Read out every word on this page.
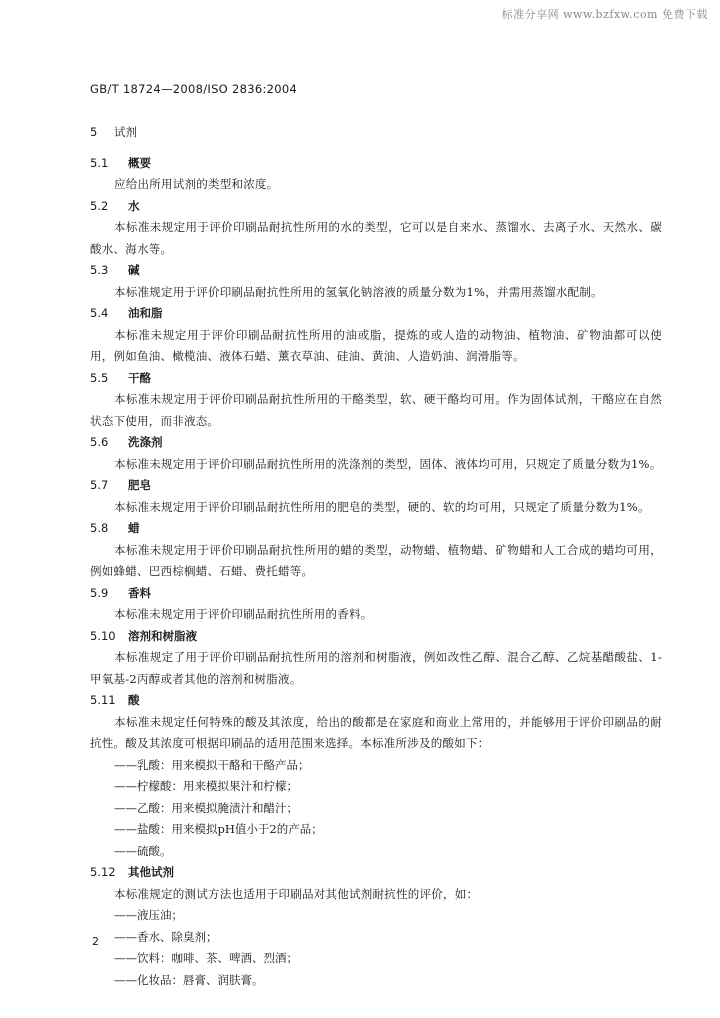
标准分享网 www.bzfxw.com 免费下载
GB/T 18724—2008/ISO 2836:2004
5 试剂
5.1 概要
应给出所用试剂的类型和浓度。
5.2 水
本标准未规定用于评价印刷品耐抗性所用的水的类型，它可以是自来水、蒸馏水、去离子水、天然水、碳酸水、海水等。
5.3 碱
本标准规定用于评价印刷品耐抗性所用的氢氧化钠溶液的质量分数为1%，并需用蒸馏水配制。
5.4 油和脂
本标准未规定用于评价印刷品耐抗性所用的油或脂，提炼的或人造的动物油、植物油、矿物油都可以使用，例如鱼油、橄榄油、液体石蜡、薰衣草油、硅油、黄油、人造奶油、润滑脂等。
5.5 干酪
本标准未规定用于评价印刷品耐抗性所用的干酪类型，软、硬干酪均可用。作为固体试剂，干酪应在自然状态下使用，而非液态。
5.6 洗涤剂
本标准未规定用于评价印刷品耐抗性所用的洗涤剂的类型，固体、液体均可用，只规定了质量分数为1%。
5.7 肥皂
本标准未规定用于评价印刷品耐抗性所用的肥皂的类型，硬的、软的均可用，只规定了质量分数为1%。
5.8 蜡
本标准未规定用于评价印刷品耐抗性所用的蜡的类型，动物蜡、植物蜡、矿物蜡和人工合成的蜡均可用，例如蜂蜡、巴西棕榈蜡、石蜡、费托蜡等。
5.9 香料
本标准未规定用于评价印刷品耐抗性所用的香料。
5.10 溶剂和树脂液
本标准规定了用于评价印刷品耐抗性所用的溶剂和树脂液，例如改性乙醇、混合乙醇、乙烷基醋酸盐、1-甲氧基-2丙醇或者其他的溶剂和树脂液。
5.11 酸
本标准未规定任何特殊的酸及其浓度，给出的酸都是在家庭和商业上常用的，并能够用于评价印刷品的耐抗性。酸及其浓度可根据印刷品的适用范围来选择。本标准所涉及的酸如下：
——乳酸：用来模拟干酪和干酪产品；
——柠檬酸：用来模拟果汁和柠檬；
——乙酸：用来模拟腌渍汁和醋汁；
——盐酸：用来模拟pH值小于2的产品；
——硫酸。
5.12 其他试剂
本标准规定的测试方法也适用于印刷品对其他试剂耐抗性的评价，如：
——液压油；
——香水、除臭剂；
——饮料：咖啡、茶、啤酒、烈酒；
——化妆品：唇膏、润肤膏。
2
